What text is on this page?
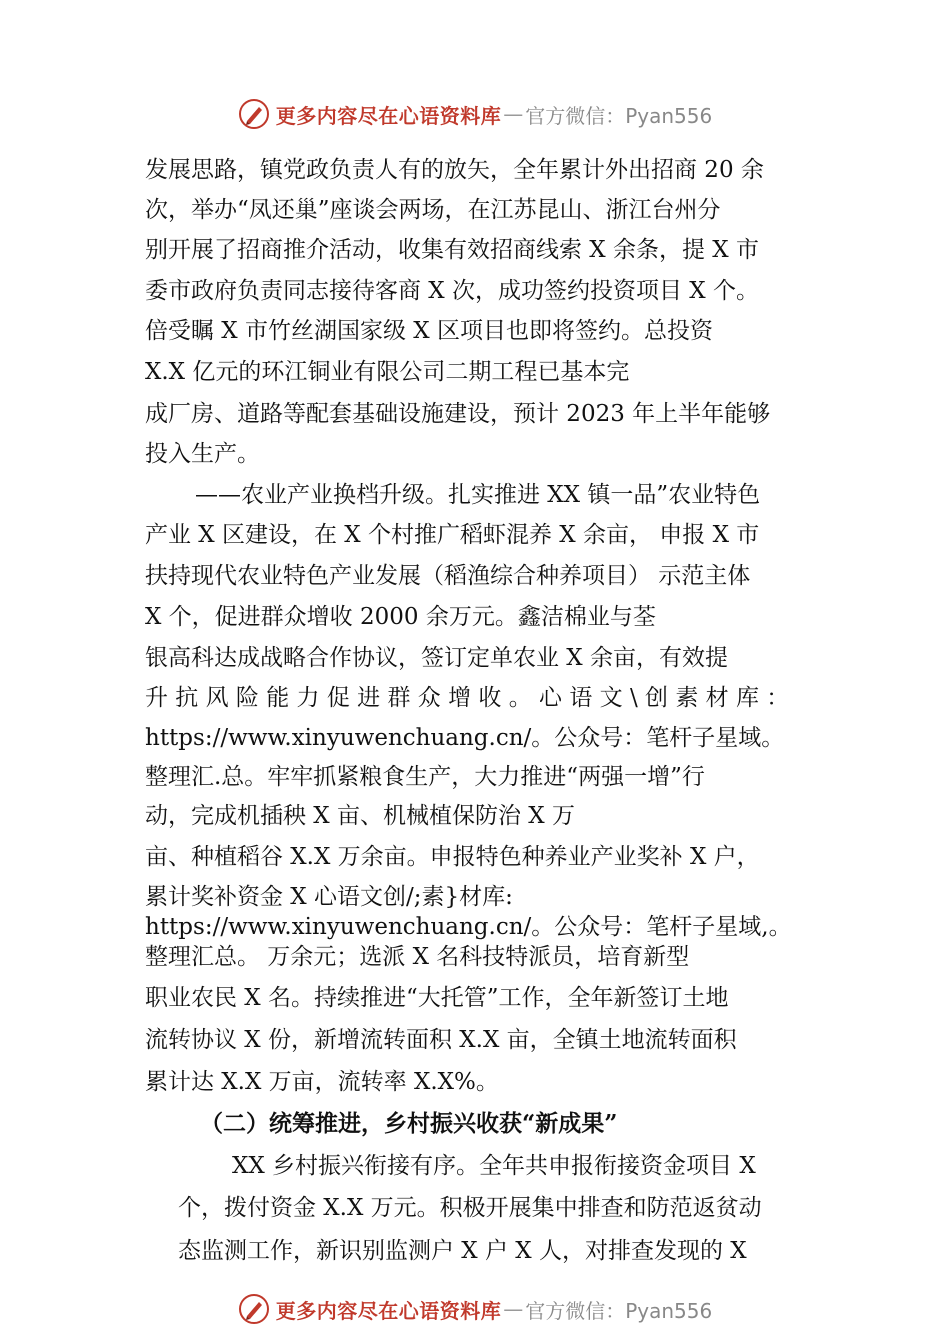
更多内容尽在心语资料库 — 官方微信：Pyan556
发展思路，镇党政负责人有的放矢，全年累计外出招商 20 余
次，举办“凤还巢”座谈会两场，在江苏昆山、浙江台州分
别开展了招商推介活动，收集有效招商线索 X 余条，提 X 市
委市政府负责同志接待客商 X 次，成功签约投资项目 X 个。
倍受瞩 X 市竹丝湖国家级 X 区项目也即将签约。总投资
X.X 亿元的环江铜业有限公司二期工程已基本完
成厂房、道路等配套基础设施建设，预计 2023 年上半年能够
投入生产。
——农业产业换档升级。扎实推进 XX 镇一品”农业特色
产业 X 区建设，在 X 个村推广稻虾混养 X 余亩， 申报 X 市
扶持现代农业特色产业发展（稻渔综合种养项目） 示范主体
X 个，促进群众增收 2000 余万元。鑫洁棉业与荃
银高科达成战略合作协议，签订定单农业 X 余亩，有效提
升 抗 风 险 能 力 促 进 群 众 增 收 。 心 语 文 \ 创 素 材 库 ：
https://www.xinyuwenchuang.cn/。公众号：笔杆子星域。
整理汇.总。牢牢抓紧粮食生产，大力推进“两强一增”行
动，完成机插秧 X 亩、机械植保防治 X 万
亩、种植稻谷 X.X 万余亩。申报特色种养业产业奖补 X 户，
累计奖补资金 X 心语文创/;素}材库:
https://www.xinyuwenchuang.cn/。公众号：笔杆子星域,。
整理汇总。 万余元；选派 X 名科技特派员，培育新型
职业农民 X 名。持续推进“大托管”工作，全年新签订土地
流转协议 X 份，新增流转面积 X.X 亩，全镇土地流转面积
累计达 X.X 万亩，流转率 X.X%。
（二）统筹推进，乡村振兴收获“新成果”
XX 乡村振兴衔接有序。全年共申报衔接资金项目 X
个，拨付资金 X.X 万元。积极开展集中排查和防范返贫动
态监测工作，新识别监测户 X 户 X 人，对排查发现的 X
更多内容尽在心语资料库 — 官方微信：Pyan556
